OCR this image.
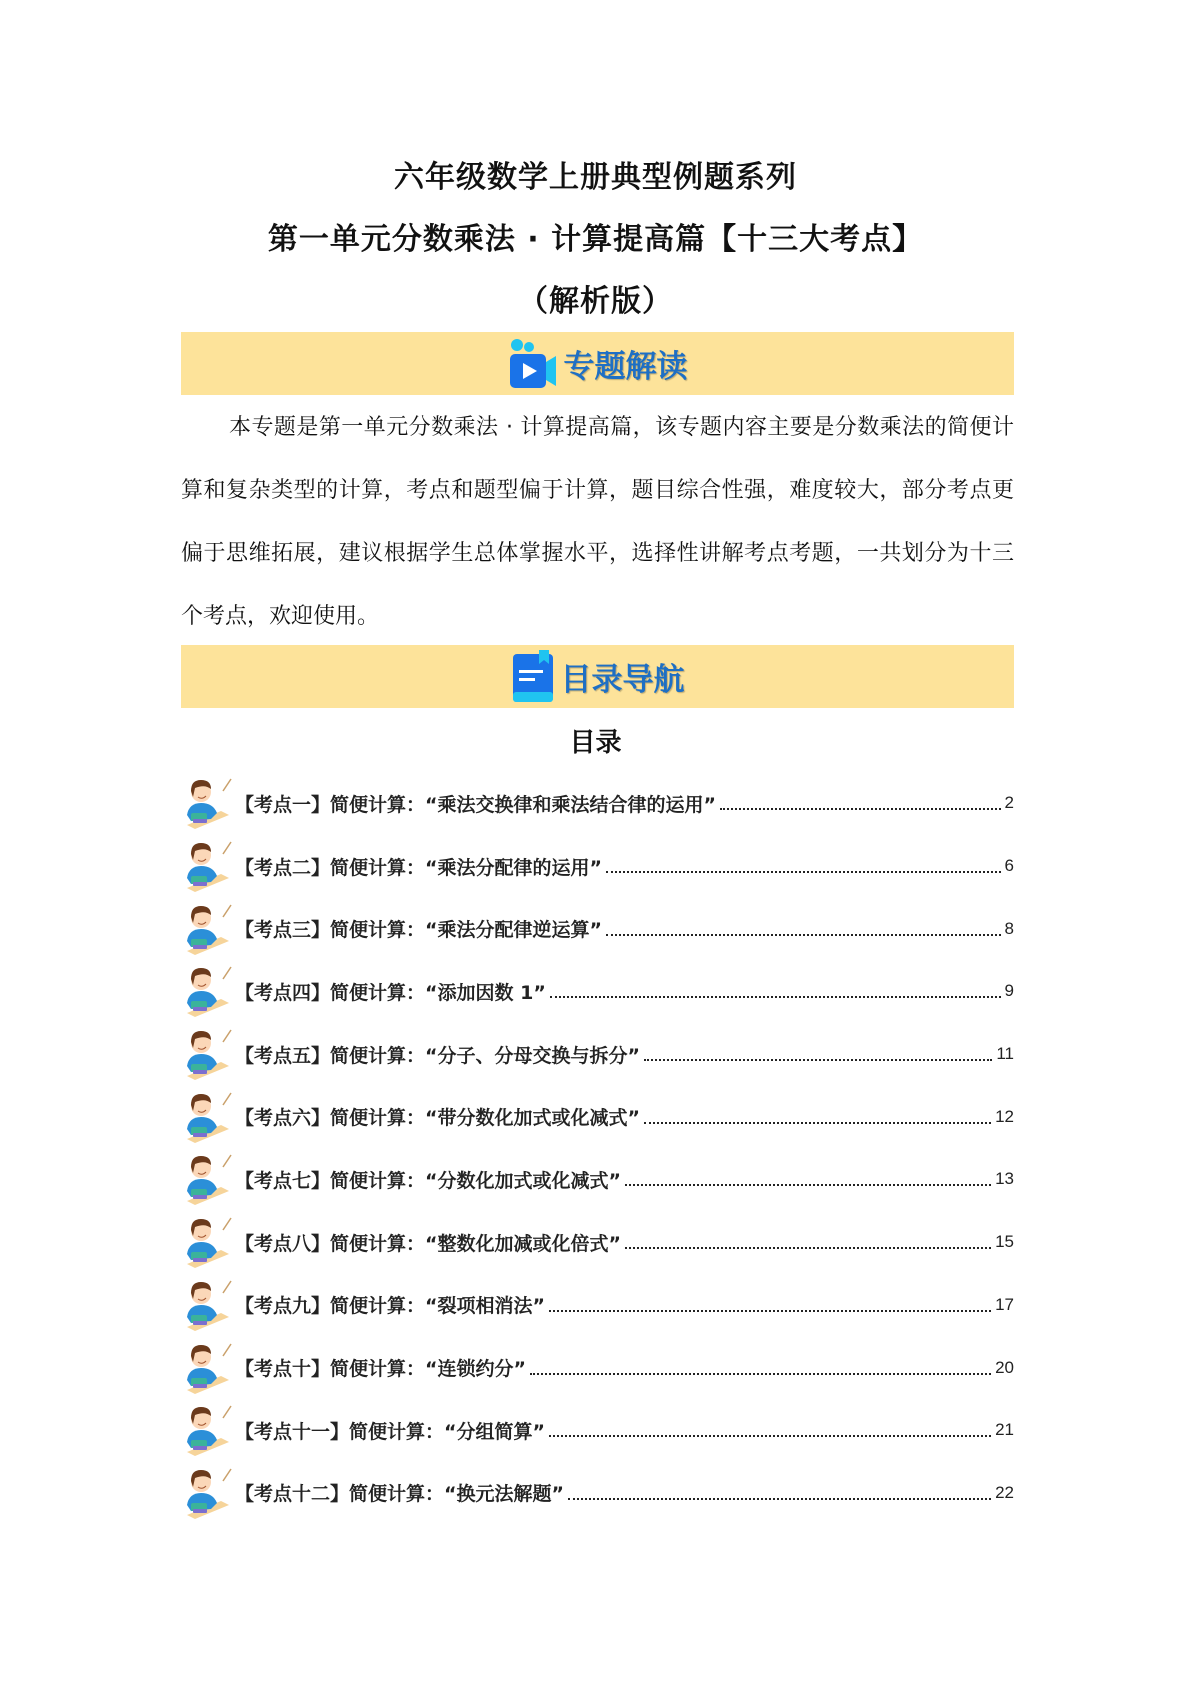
六年级数学上册典型例题系列
第一单元分数乘法 · 计算提高篇【十三大考点】
（解析版）
专题解读
本专题是第一单元分数乘法 · 计算提高篇，该专题内容主要是分数乘法的简便计算和复杂类型的计算，考点和题型偏于计算，题目综合性强，难度较大，部分考点更偏于思维拓展，建议根据学生总体掌握水平，选择性讲解考点考题，一共划分为十三个考点，欢迎使用。
目录导航
目录
【考点一】简便计算：“乘法交换律和乘法结合律的运用”	2
【考点二】简便计算：“乘法分配律的运用”	6
【考点三】简便计算：“乘法分配律逆运算”	8
【考点四】简便计算：“添加因数 1”	9
【考点五】简便计算：“分子、分母交换与拆分”	11
【考点六】简便计算：“带分数化加式或化减式”	12
【考点七】简便计算：“分数化加式或化减式”	13
【考点八】简便计算：“整数化加减或化倍式”	15
【考点九】简便计算：“裂项相消法”	17
【考点十】简便计算：“连锁约分”	20
【考点十一】简便计算：“分组简算”	21
【考点十二】简便计算：“换元法解题”	22
